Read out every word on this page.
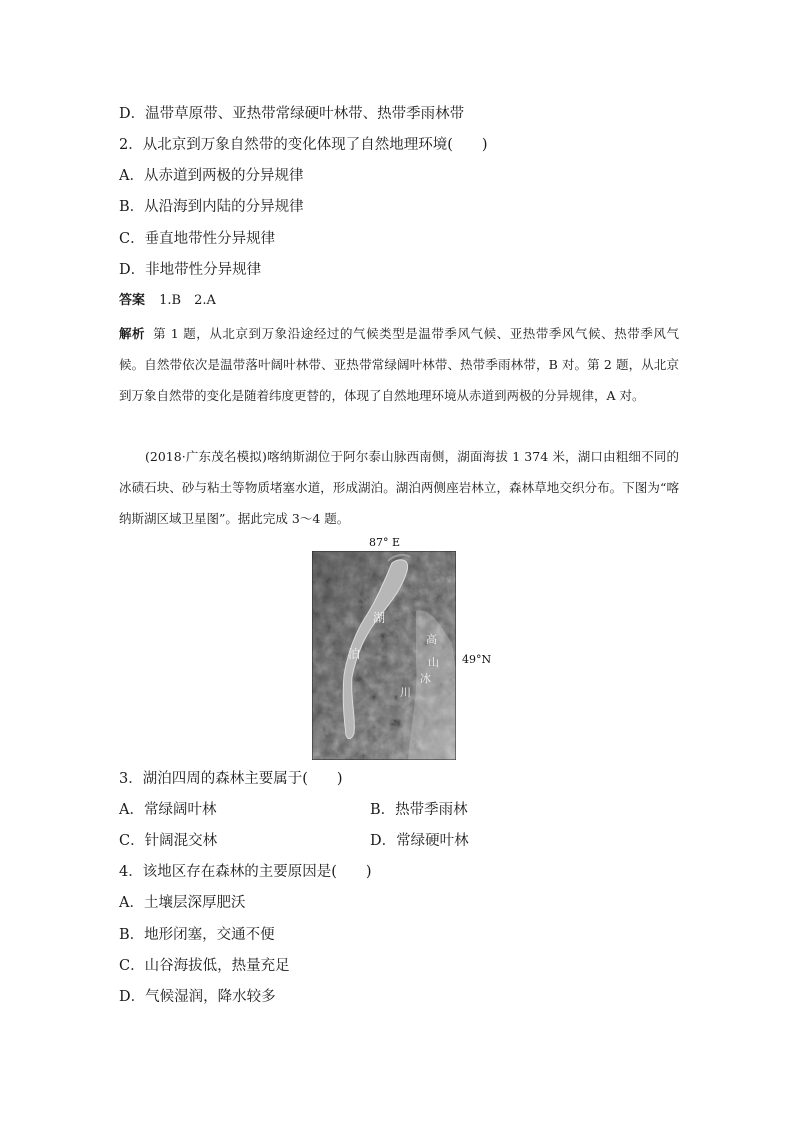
D．温带草原带、亚热带常绿硬叶林带、热带季雨林带
2．从北京到万象自然带的变化体现了自然地理环境(　　)
A．从赤道到两极的分异规律
B．从沿海到内陆的分异规律
C．垂直地带性分异规律
D．非地带性分异规律
答案 1.B　2.A
解析 第 1 题，从北京到万象沿途经过的气候类型是温带季风气候、亚热带季风气候、热带季风气候。自然带依次是温带落叶阔叶林带、亚热带常绿阔叶林带、热带季雨林带，B 对。第 2 题，从北京到万象自然带的变化是随着纬度更替的，体现了自然地理环境从赤道到两极的分异规律，A 对。
(2018·广东茂名模拟)喀纳斯湖位于阿尔泰山脉西南侧，湖面海拔 1 374 米，湖口由粗细不同的冰碛石块、砂与粘土等物质堵塞水道，形成湖泊。湖泊两侧座岩林立，森林草地交织分布。下图为“喀纳斯湖区域卫星图”。据此完成 3～4 题。
87° E
49°N
湖
泊
高
山
冰
川
3．湖泊四周的森林主要属于(　　)
A．常绿阔叶林	B．热带季雨林
C．针阔混交林	D．常绿硬叶林
4．该地区存在森林的主要原因是(　　)
A．土壤层深厚肥沃
B．地形闭塞，交通不便
C．山谷海拔低，热量充足
D．气候湿润，降水较多
